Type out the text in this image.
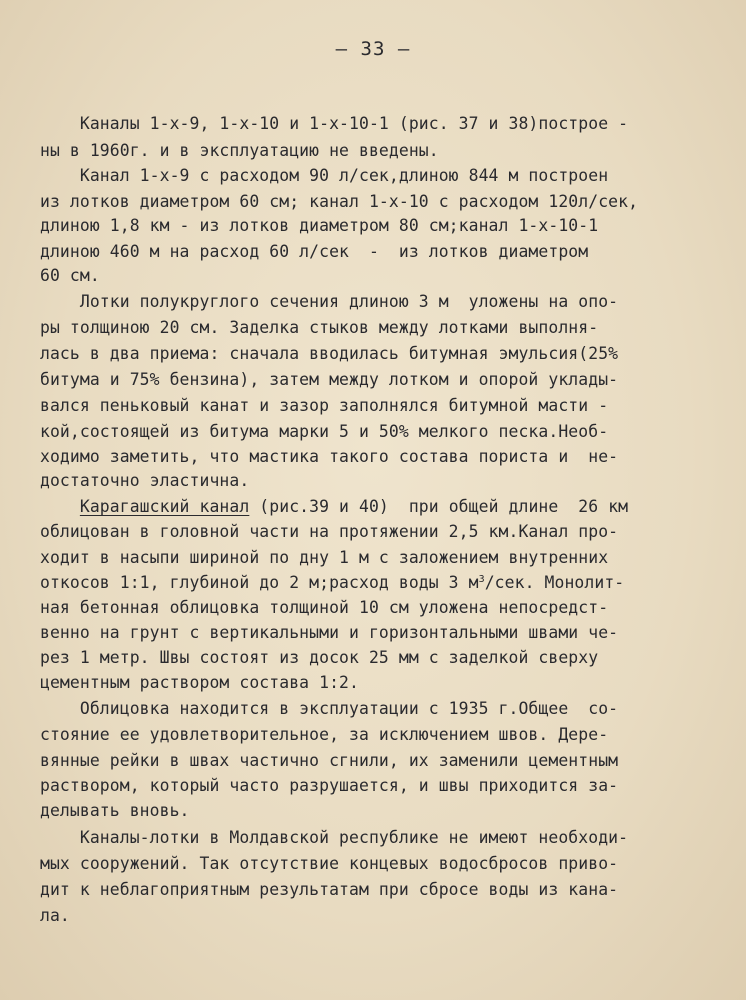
— 33 —
Каналы 1-х-9, 1-х-10 и 1-х-10-1 (рис. 37 и 38)построе -
ны в 1960г. и в эксплуатацию не введены.
Канал 1-х-9 с расходом 90 л/сек,длиною 844 м построен
из лотков диаметром 60 см; канал 1-х-10 с расходом 120л/сек,
длиною 1,8 км - из лотков диаметром 80 см;канал 1-х-10-1
длиною 460 м на расход 60 л/сек  -  из лотков диаметром
60 см.
Лотки полукруглого сечения длиною 3 м  уложены на опо-
ры толщиною 20 см. Заделка стыков между лотками выполня-
лась в два приема: сначала вводилась битумная эмульсия(25%
битума и 75% бензина), затем между лотком и опорой уклады-
вался пеньковый канат и зазор заполнялся битумной масти -
кой,состоящей из битума марки 5 и 50% мелкого песка.Необ-
ходимо заметить, что мастика такого состава пориста и  не-
достаточно эластична.
Карагашский канал (рис.39 и 40)  при общей длине  26 км
облицован в головной части на протяжении 2,5 км.Канал про-
ходит в насыпи шириной по дну 1 м с заложением внутренних
откосов 1:1, глубиной до 2 м;расход воды 3 $м^3$/сек. Монолит-
ная бетонная облицовка толщиной 10 см уложена непосредст-
венно на грунт с вертикальными и горизонтальными швами че-
рез 1 метр. Швы состоят из досок 25 мм с заделкой сверху
цементным раствором состава 1:2.
Облицовка находится в эксплуатации с 1935 г.Общее  со-
стояние ее удовлетворительное, за исключением швов. Дере-
вянные рейки в швах частично сгнили, их заменили цементным
раствором, который часто разрушается, и швы приходится за-
делывать вновь.
Каналы-лотки в Молдавской республике не имеют необходи-
мых сооружений. Так отсутствие концевых водосбросов приво-
дит к неблагоприятным результатам при сбросе воды из кана-
ла.
